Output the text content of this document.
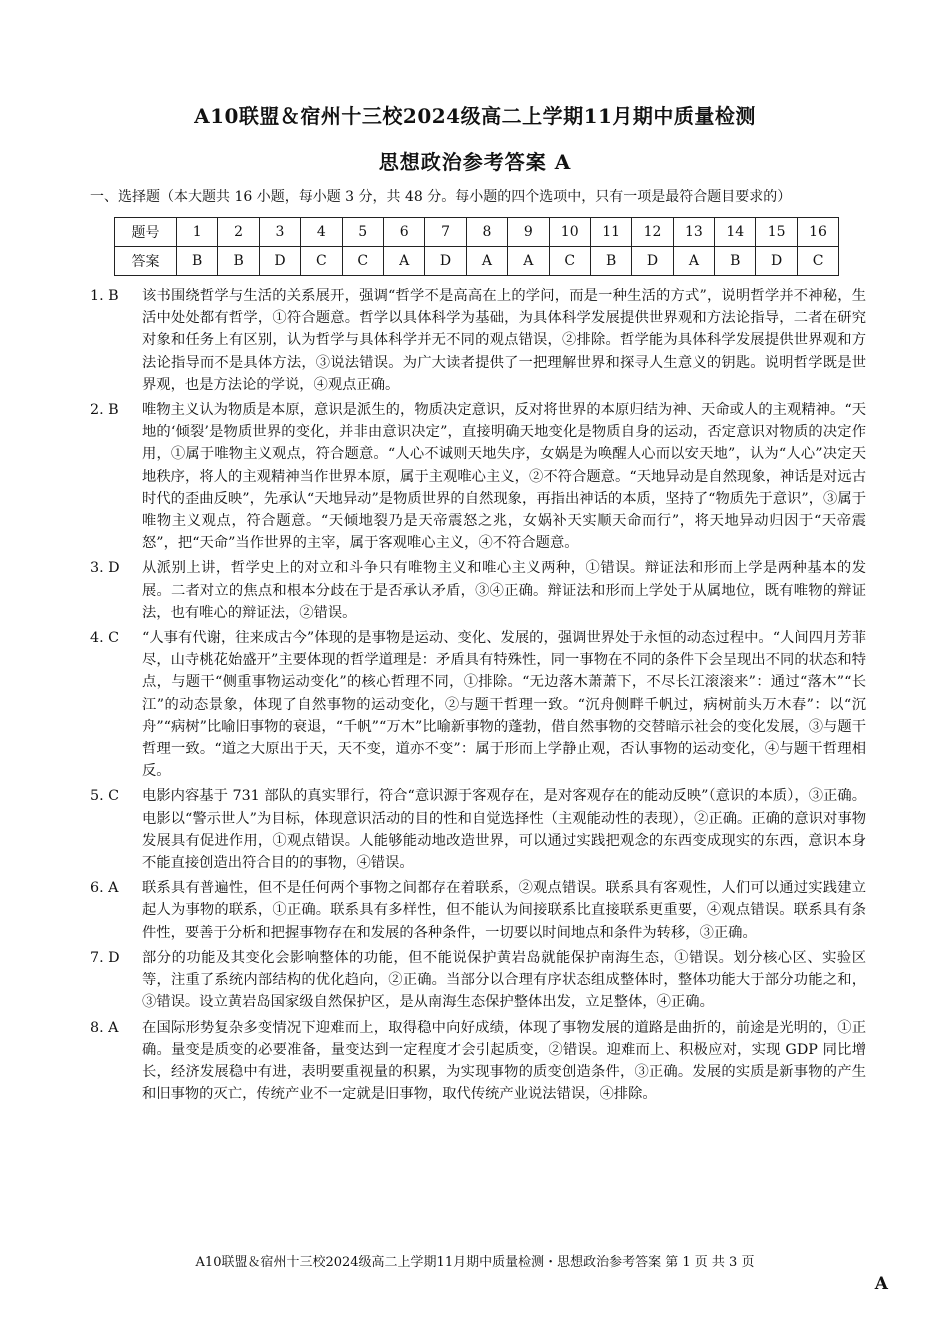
A10联盟＆宿州十三校2024级高二上学期11月期中质量检测
思想政治参考答案 A
一、选择题（本大题共 16 小题，每小题 3 分，共 48 分。每小题的四个选项中，只有一项是最符合题目要求的）
题号	1	2	3	4	5	6	7	8	9	10	11	12	13	14	15	16
答案	B	B	D	C	C	A	D	A	A	C	B	D	A	B	D	C
1. B	该书围绕哲学与生活的关系展开，强调“哲学不是高高在上的学问，而是一种生活的方式”，说明哲学并不神秘，生活中处处都有哲学，①符合题意。哲学以具体科学为基础，为具体科学发展提供世界观和方法论指导，二者在研究对象和任务上有区别，认为哲学与具体科学并无不同的观点错误，②排除。哲学能为具体科学发展提供世界观和方法论指导而不是具体方法，③说法错误。为广大读者提供了一把理解世界和探寻人生意义的钥匙。说明哲学既是世界观，也是方法论的学说，④观点正确。
2. B	唯物主义认为物质是本原，意识是派生的，物质决定意识，反对将世界的本原归结为神、天命或人的主观精神。“天地的‘倾裂’是物质世界的变化，并非由意识决定”，直接明确天地变化是物质自身的运动，否定意识对物质的决定作用，①属于唯物主义观点，符合题意。“人心不诚则天地失序，女娲是为唤醒人心而以安天地”，认为“人心”决定天地秩序，将人的主观精神当作世界本原，属于主观唯心主义，②不符合题意。“天地异动是自然现象，神话是对远古时代的歪曲反映”，先承认“天地异动”是物质世界的自然现象，再指出神话的本质，坚持了“物质先于意识”，③属于唯物主义观点，符合题意。“天倾地裂乃是天帝震怒之兆，女娲补天实顺天命而行”，将天地异动归因于“天帝震怒”，把“天命”当作世界的主宰，属于客观唯心主义，④不符合题意。
3. D	从派别上讲，哲学史上的对立和斗争只有唯物主义和唯心主义两种，①错误。辩证法和形而上学是两种基本的发展。二者对立的焦点和根本分歧在于是否承认矛盾，③④正确。辩证法和形而上学处于从属地位，既有唯物的辩证法，也有唯心的辩证法，②错误。
4. C	“人事有代谢，往来成古今”体现的是事物是运动、变化、发展的，强调世界处于永恒的动态过程中。“人间四月芳菲尽，山寺桃花始盛开”主要体现的哲学道理是：矛盾具有特殊性，同一事物在不同的条件下会呈现出不同的状态和特点，与题干“侧重事物运动变化”的核心哲理不同，①排除。“无边落木萧萧下，不尽长江滚滚来”：通过“落木”“长江”的动态景象，体现了自然事物的运动变化，②与题干哲理一致。“沉舟侧畔千帆过，病树前头万木春”：以“沉舟”“病树”比喻旧事物的衰退，“千帆”“万木”比喻新事物的蓬勃，借自然事物的交替暗示社会的变化发展，③与题干哲理一致。“道之大原出于天，天不变，道亦不变”：属于形而上学静止观，否认事物的运动变化，④与题干哲理相反。
5. C	电影内容基于 731 部队的真实罪行，符合“意识源于客观存在，是对客观存在的能动反映”（意识的本质），③正确。电影以“警示世人”为目标，体现意识活动的目的性和自觉选择性（主观能动性的表现），②正确。正确的意识对事物发展具有促进作用，①观点错误。人能够能动地改造世界，可以通过实践把观念的东西变成现实的东西，意识本身不能直接创造出符合目的的事物，④错误。
6. A	联系具有普遍性，但不是任何两个事物之间都存在着联系，②观点错误。联系具有客观性，人们可以通过实践建立起人为事物的联系，①正确。联系具有多样性，但不能认为间接联系比直接联系更重要，④观点错误。联系具有条件性，要善于分析和把握事物存在和发展的各种条件，一切要以时间地点和条件为转移，③正确。
7. D	部分的功能及其变化会影响整体的功能，但不能说保护黄岩岛就能保护南海生态，①错误。划分核心区、实验区等，注重了系统内部结构的优化趋向，②正确。当部分以合理有序状态组成整体时，整体功能大于部分功能之和，③错误。设立黄岩岛国家级自然保护区，是从南海生态保护整体出发，立足整体，④正确。
8. A	在国际形势复杂多变情况下迎难而上，取得稳中向好成绩，体现了事物发展的道路是曲折的，前途是光明的，①正确。量变是质变的必要准备，量变达到一定程度才会引起质变，②错误。迎难而上、积极应对，实现 GDP 同比增长，经济发展稳中有进，表明要重视量的积累，为实现事物的质变创造条件，③正确。发展的实质是新事物的产生和旧事物的灭亡，传统产业不一定就是旧事物，取代传统产业说法错误，④排除。
A10联盟＆宿州十三校2024级高二上学期11月期中质量检测・思想政治参考答案 第 1 页 共 3 页
A
